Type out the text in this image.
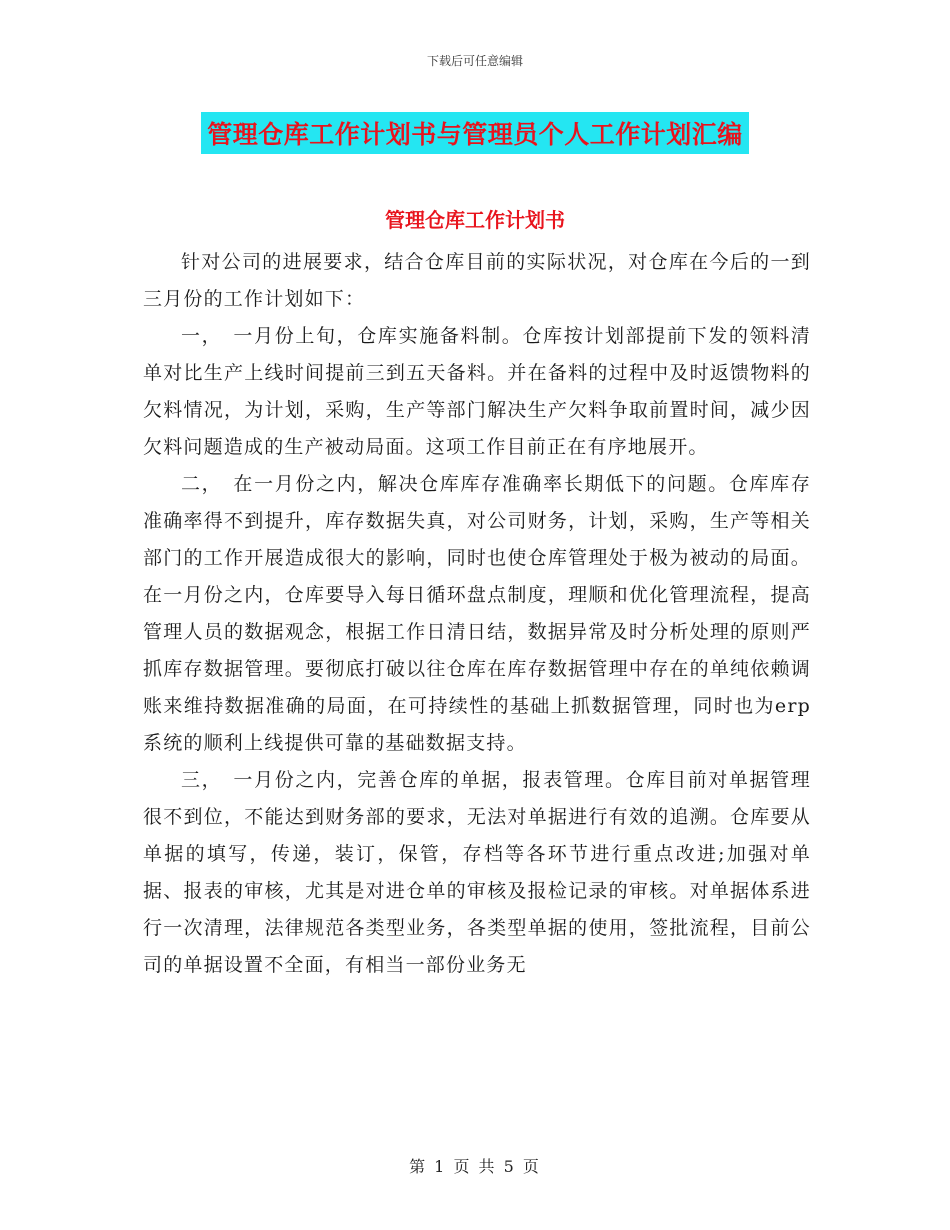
下载后可任意编辑
管理仓库工作计划书与管理员个人工作计划汇编
管理仓库工作计划书

针对公司的进展要求，结合仓库目前的实际状况，对仓库在今后的一到三月份的工作计划如下：

一，　一月份上旬，仓库实施备料制。仓库按计划部提前下发的领料清单对比生产上线时间提前三到五天备料。并在备料的过程中及时返馈物料的欠料情况，为计划，采购，生产等部门解决生产欠料争取前置时间，减少因欠料问题造成的生产被动局面。这项工作目前正在有序地展开。

二，　在一月份之内，解决仓库库存准确率长期低下的问题。仓库库存准确率得不到提升，库存数据失真，对公司财务，计划，采购，生产等相关部门的工作开展造成很大的影响，同时也使仓库管理处于极为被动的局面。在一月份之内，仓库要导入每日循环盘点制度，理顺和优化管理流程，提高管理人员的数据观念，根据工作日清日结，数据异常及时分析处理的原则严抓库存数据管理。要彻底打破以往仓库在库存数据管理中存在的单纯依赖调账来维持数据准确的局面，在可持续性的基础上抓数据管理，同时也为erp系统的顺利上线提供可靠的基础数据支持。

三，　一月份之内，完善仓库的单据，报表管理。仓库目前对单据管理很不到位，不能达到财务部的要求，无法对单据进行有效的追溯。仓库要从单据的填写，传递，装订，保管，存档等各环节进行重点改进;加强对单据、报表的审核，尤其是对进仓单的审核及报检记录的审核。对单据体系进行一次清理，法律规范各类型业务，各类型单据的使用，签批流程，目前公司的单据设置不全面，有相当一部份业务无

第 1 页 共 5 页
